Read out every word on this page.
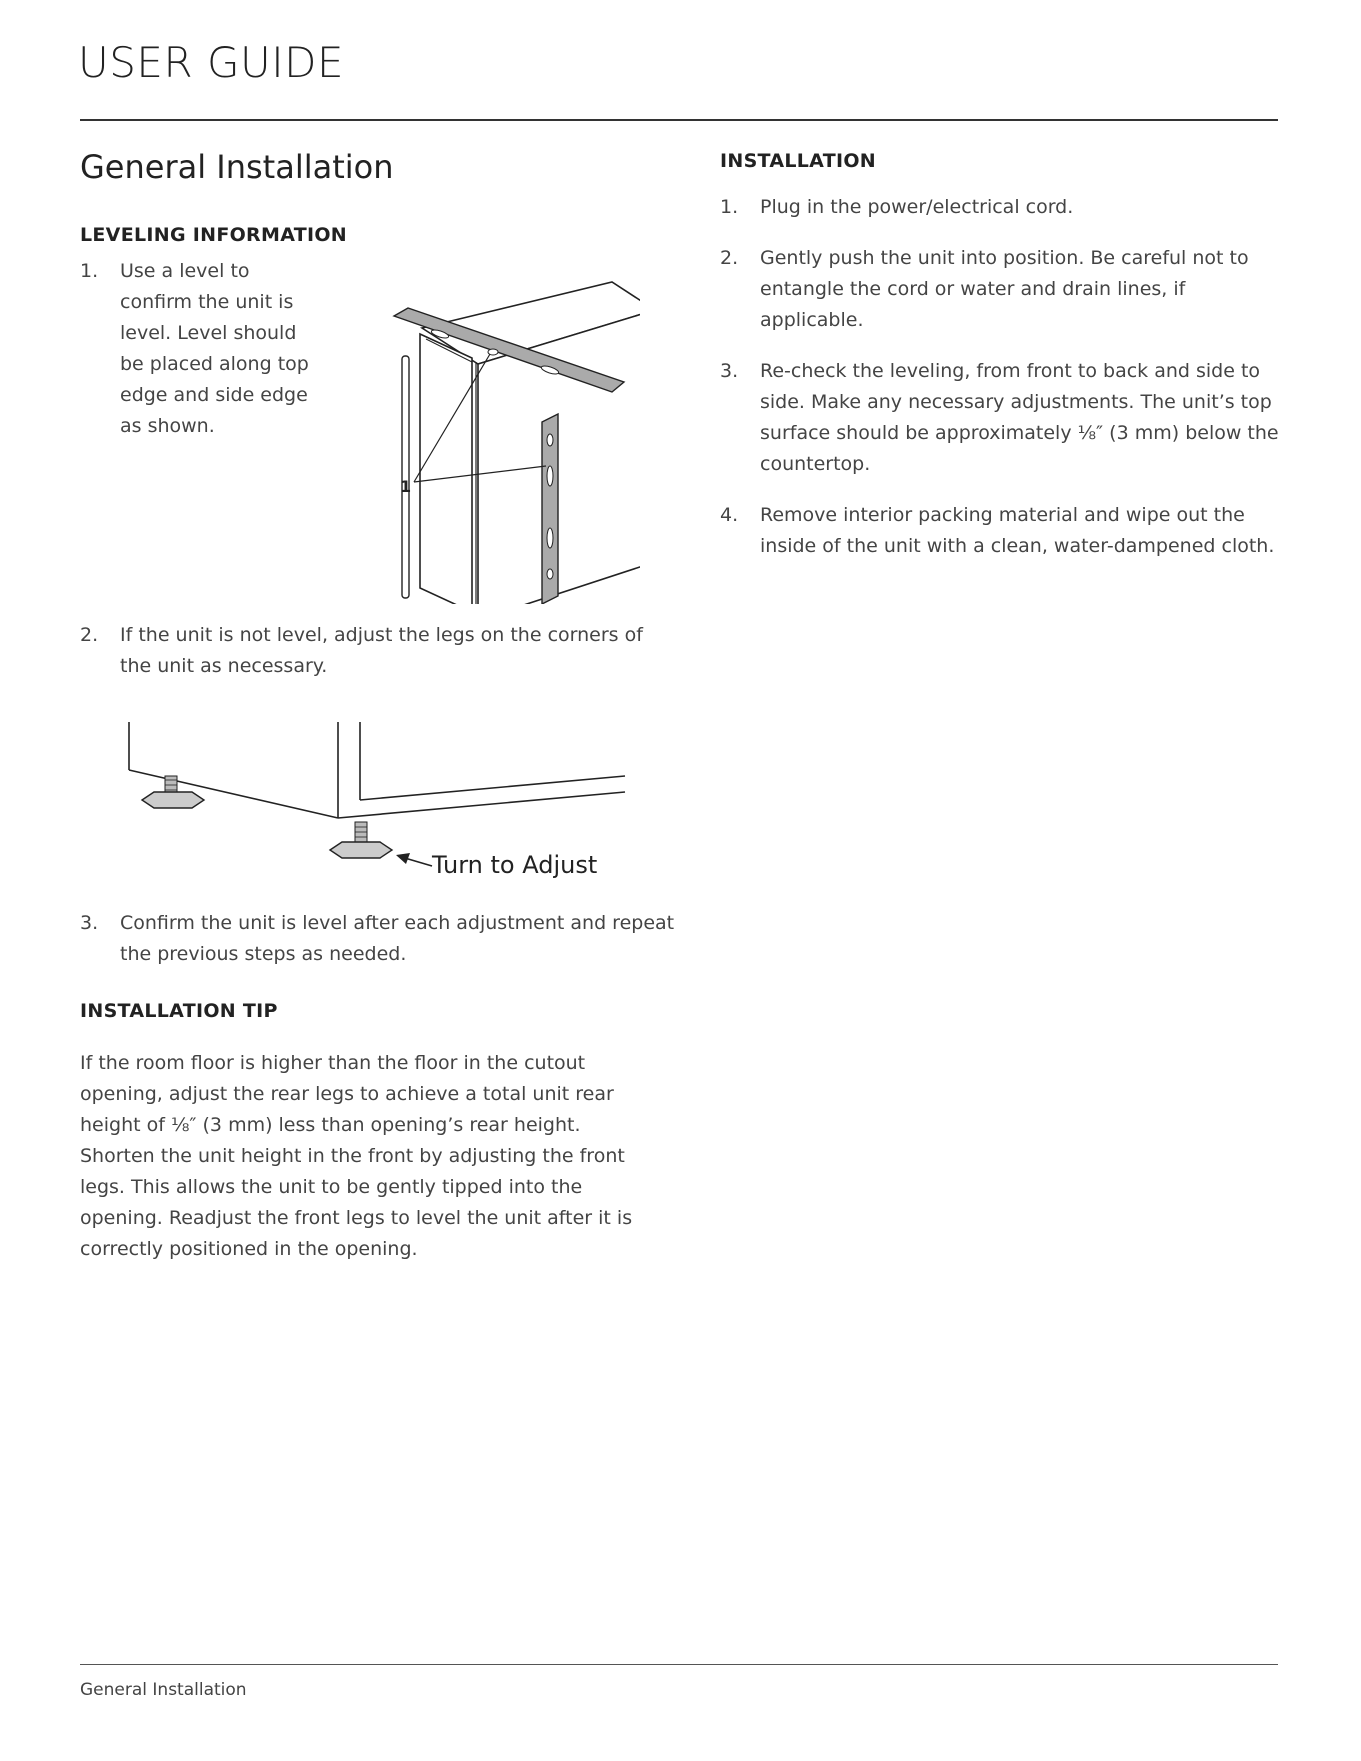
USER GUIDE
General Installation
LEVELING INFORMATION
1. Use a level to confirm the unit is level. Level should be placed along top edge and side edge as shown.
1
2. If the unit is not level, adjust the legs on the corners of the unit as necessary.
Turn to Adjust
3. Confirm the unit is level after each adjustment and repeat the previous steps as needed.
INSTALLATION TIP
If the room floor is higher than the floor in the cutout opening, adjust the rear legs to achieve a total unit rear height of ⅛″ (3 mm) less than opening’s rear height. Shorten the unit height in the front by adjusting the front legs. This allows the unit to be gently tipped into the opening. Readjust the front legs to level the unit after it is correctly positioned in the opening.
INSTALLATION
1. Plug in the power/electrical cord.
2. Gently push the unit into position. Be careful not to entangle the cord or water and drain lines, if applicable.
3. Re-check the leveling, from front to back and side to side. Make any necessary adjustments. The unit’s top surface should be approximately ⅛″ (3 mm) below the countertop.
4. Remove interior packing material and wipe out the inside of the unit with a clean, water-dampened cloth.
General Installation
